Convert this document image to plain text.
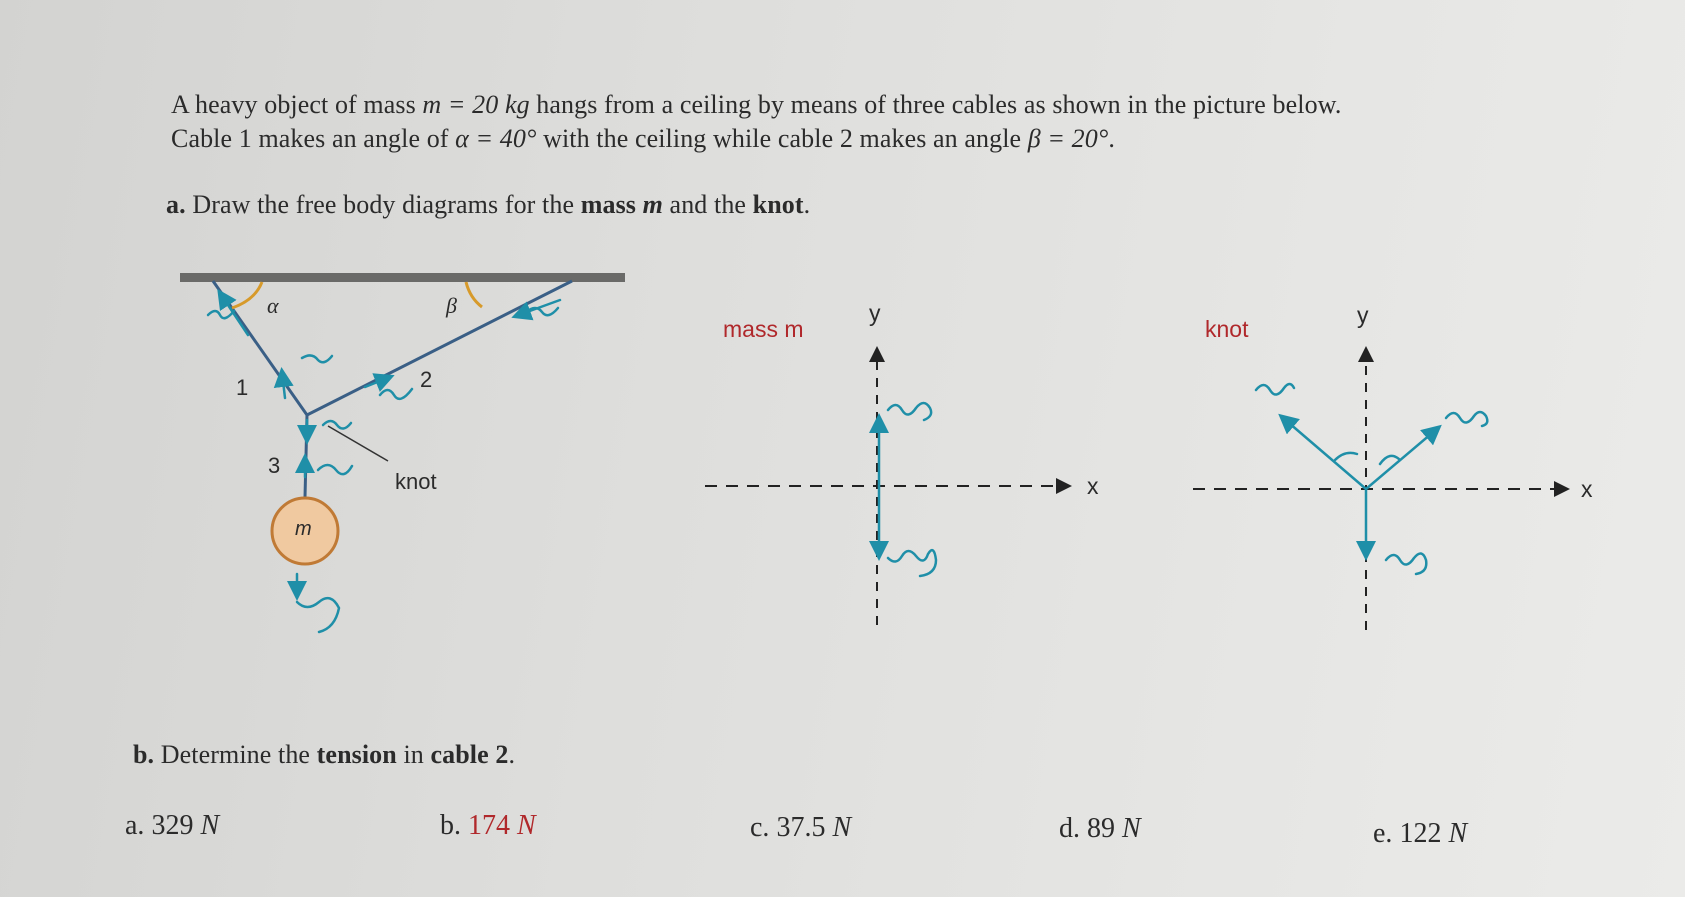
A heavy object of mass m = 20 kg hangs from a ceiling by means of three cables as shown in the picture below.
Cable 1 makes an angle of α = 40° with the ceiling while cable 2 makes an angle β = 20°.
a. Draw the free body diagrams for the mass m and the knot.
α	β
1	2
3
knot
m
mass m
y
x
knot
y
x
b. Determine the tension in cable 2.
a. 329 N	b. 174 N	c. 37.5 N	d. 89 N	e. 122 N
